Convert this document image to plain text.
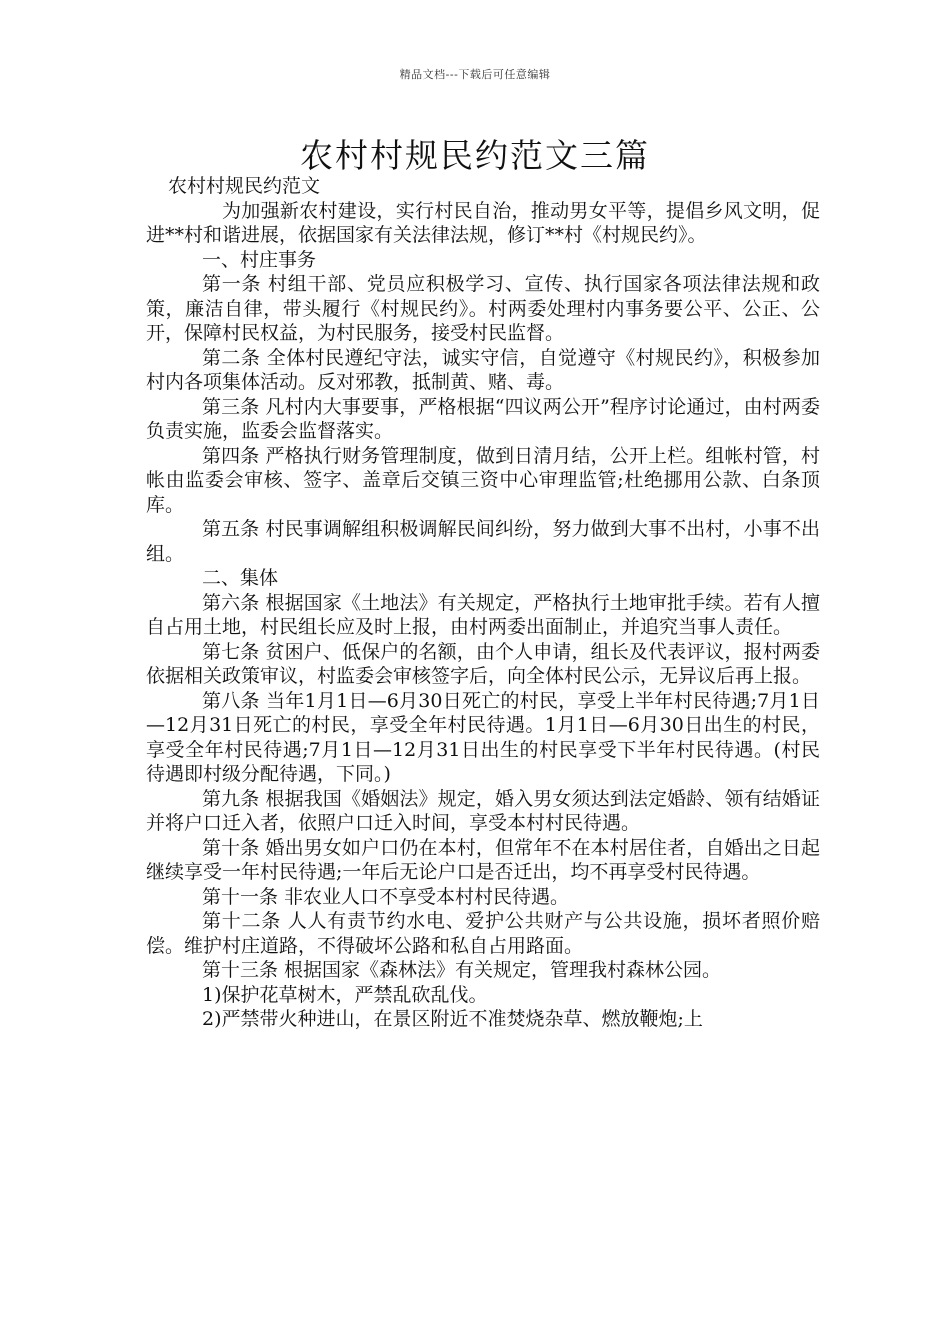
精品文档---下载后可任意编辑
农村村规民约范文三篇

农村村规民约范文

为加强新农村建设，实行村民自治，推动男女平等，提倡乡风文明，促进**村和谐进展，依据国家有关法律法规，修订**村《村规民约》。

一、村庄事务

第一条 村组干部、党员应积极学习、宣传、执行国家各项法律法规和政策，廉洁自律，带头履行《村规民约》。村两委处理村内事务要公平、公正、公开，保障村民权益，为村民服务，接受村民监督。

第二条 全体村民遵纪守法，诚实守信，自觉遵守《村规民约》，积极参加村内各项集体活动。反对邪教，抵制黄、赌、毒。

第三条 凡村内大事要事，严格根据“四议两公开”程序讨论通过，由村两委负责实施，监委会监督落实。

第四条 严格执行财务管理制度，做到日清月结，公开上栏。组帐村管，村帐由监委会审核、签字、盖章后交镇三资中心审理监管;杜绝挪用公款、白条顶库。

第五条 村民事调解组积极调解民间纠纷，努力做到大事不出村，小事不出组。

二、集体

第六条 根据国家《土地法》有关规定，严格执行土地审批手续。若有人擅自占用土地，村民组长应及时上报，由村两委出面制止，并追究当事人责任。

第七条 贫困户、低保户的名额，由个人申请，组长及代表评议，报村两委依据相关政策审议，村监委会审核签字后，向全体村民公示，无异议后再上报。

第八条 当年1月1日—6月30日死亡的村民，享受上半年村民待遇;7月1日—12月31日死亡的村民，享受全年村民待遇。1月1日—6月30日出生的村民，享受全年村民待遇;7月1日—12月31日出生的村民享受下半年村民待遇。(村民待遇即村级分配待遇，下同。)

第九条 根据我国《婚姻法》规定，婚入男女须达到法定婚龄、领有结婚证并将户口迁入者，依照户口迁入时间，享受本村村民待遇。

第十条 婚出男女如户口仍在本村，但常年不在本村居住者，自婚出之日起继续享受一年村民待遇;一年后无论户口是否迁出，均不再享受村民待遇。

第十一条 非农业人口不享受本村村民待遇。

第十二条 人人有责节约水电、爱护公共财产与公共设施，损坏者照价赔偿。维护村庄道路，不得破坏公路和私自占用路面。

第十三条 根据国家《森林法》有关规定，管理我村森林公园。

1)保护花草树木，严禁乱砍乱伐。

2)严禁带火种进山，在景区附近不准焚烧杂草、燃放鞭炮;上
